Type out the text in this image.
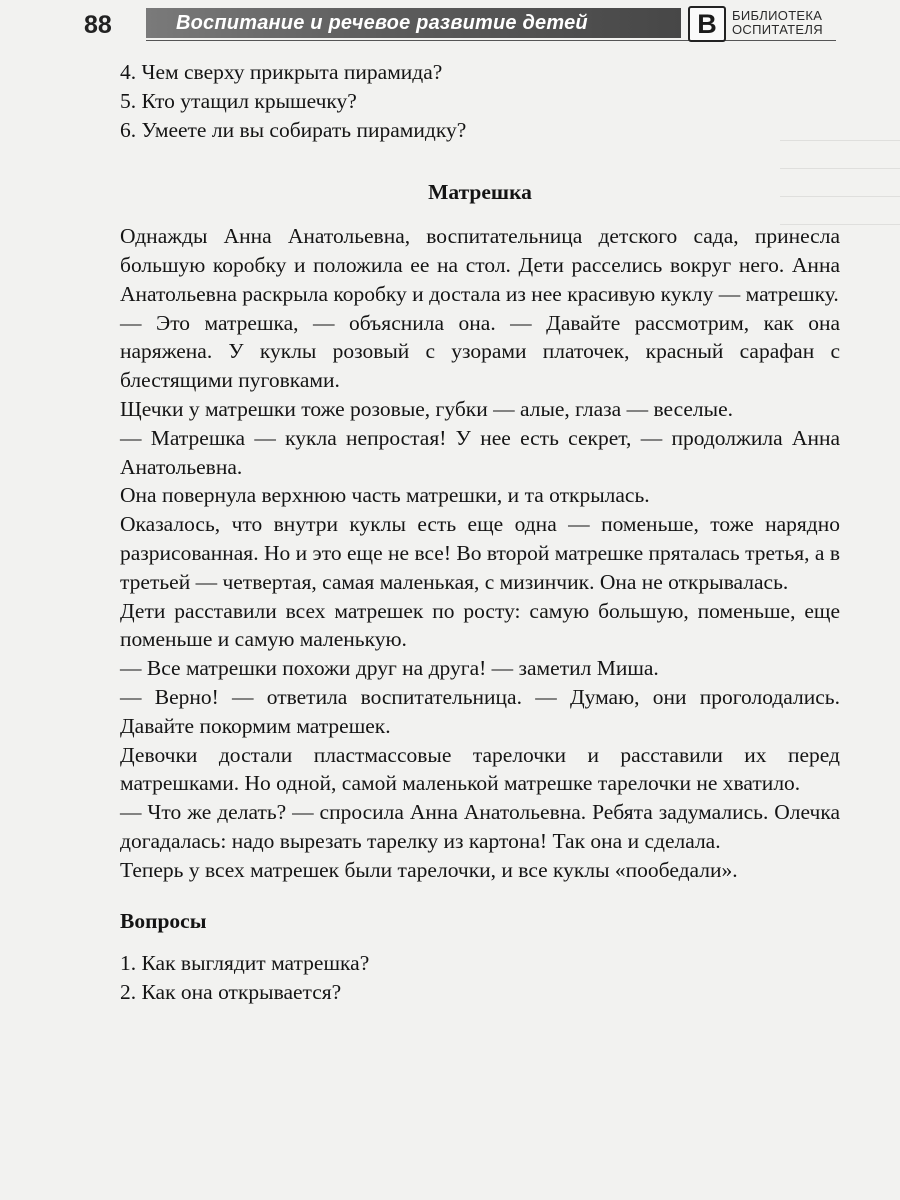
88	Воспитание и речевое развитие детей	В	БИБЛИОТЕКА
ОСПИТАТЕЛЯ
4. Чем сверху прикрыта пирамида?
5. Кто утащил крышечку?
6. Умеете ли вы собирать пирамидку?
Матрешка

Однажды Анна Анатольевна, воспитательница детского сада, принесла большую коробку и положила ее на стол. Дети расселись вокруг него. Анна Анатольевна раскрыла коробку и достала из нее красивую куклу — матрешку.

— Это матрешка, — объяснила она. — Давайте рассмотрим, как она наряжена. У куклы розовый с узорами платочек, красный сарафан с блестящими пуговками.

Щечки у матрешки тоже розовые, губки — алые, глаза — веселые.

— Матрешка — кукла непростая! У нее есть секрет, — продолжила Анна Анатольевна.

Она повернула верхнюю часть матрешки, и та открылась.

Оказалось, что внутри куклы есть еще одна — поменьше, тоже нарядно разрисованная. Но и это еще не все! Во второй матрешке пряталась третья, а в третьей — четвертая, самая маленькая, с мизинчик. Она не открывалась.

Дети расставили всех матрешек по росту: самую большую, поменьше, еще поменьше и самую маленькую.

— Все матрешки похожи друг на друга! — заметил Миша.

— Верно! — ответила воспитательница. — Думаю, они проголодались. Давайте покормим матрешек.

Девочки достали пластмассовые тарелочки и расставили их перед матрешками. Но одной, самой маленькой матрешке тарелочки не хватило.

— Что же делать? — спросила Анна Анатольевна. Ребята задумались. Олечка догадалась: надо вырезать тарелку из картона! Так она и сделала.

Теперь у всех матрешек были тарелочки, и все куклы «пообедали».

Вопросы
1. Как выглядит матрешка?
2. Как она открывается?
